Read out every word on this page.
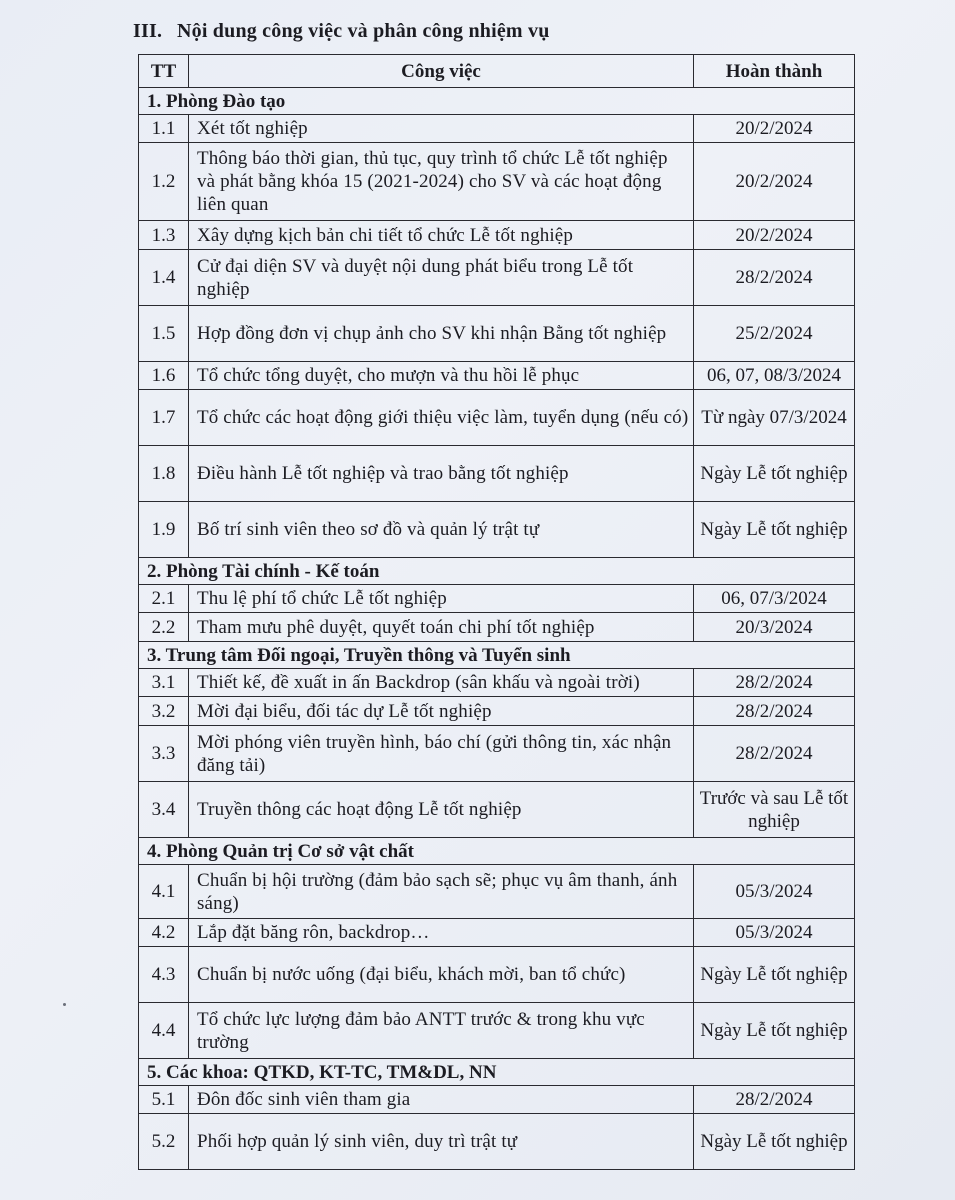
III. Nội dung công việc và phân công nhiệm vụ
TT	Công việc	Hoàn thành
1. Phòng Đào tạo		
1.1	Xét tốt nghiệp	20/2/2024
1.2	Thông báo thời gian, thủ tục, quy trình tổ chức Lễ tốt nghiệp và phát bằng khóa 15 (2021-2024) cho SV và các hoạt động liên quan	20/2/2024
1.3	Xây dựng kịch bản chi tiết tổ chức Lễ tốt nghiệp	20/2/2024
1.4	Cử đại diện SV và duyệt nội dung phát biểu trong Lễ tốt nghiệp	28/2/2024
1.5	Hợp đồng đơn vị chụp ảnh cho SV khi nhận Bằng tốt nghiệp	25/2/2024
1.6	Tổ chức tổng duyệt, cho mượn và thu hồi lễ phục	06, 07, 08/3/2024
1.7	Tổ chức các hoạt động giới thiệu việc làm, tuyển dụng (nếu có)	Từ ngày 07/3/2024
1.8	Điều hành Lễ tốt nghiệp và trao bằng tốt nghiệp	Ngày Lễ tốt nghiệp
1.9	Bố trí sinh viên theo sơ đồ và quản lý trật tự	Ngày Lễ tốt nghiệp
2. Phòng Tài chính - Kế toán		
2.1	Thu lệ phí tổ chức Lễ tốt nghiệp	06, 07/3/2024
2.2	Tham mưu phê duyệt, quyết toán chi phí tốt nghiệp	20/3/2024
3. Trung tâm Đối ngoại, Truyền thông và Tuyển sinh		
3.1	Thiết kế, đề xuất in ấn Backdrop (sân khấu và ngoài trời)	28/2/2024
3.2	Mời đại biểu, đối tác dự Lễ tốt nghiệp	28/2/2024
3.3	Mời phóng viên truyền hình, báo chí (gửi thông tin, xác nhận đăng tải)	28/2/2024
3.4	Truyền thông các hoạt động Lễ tốt nghiệp	Trước và sau Lễ tốt nghiệp
4. Phòng Quản trị Cơ sở vật chất		
4.1	Chuẩn bị hội trường (đảm bảo sạch sẽ; phục vụ âm thanh, ánh sáng)	05/3/2024
4.2	Lắp đặt băng rôn, backdrop…	05/3/2024
4.3	Chuẩn bị nước uống (đại biểu, khách mời, ban tổ chức)	Ngày Lễ tốt nghiệp
4.4	Tổ chức lực lượng đảm bảo ANTT trước & trong khu vực trường	Ngày Lễ tốt nghiệp
5. Các khoa: QTKD, KT-TC, TM&DL, NN		
5.1	Đôn đốc sinh viên tham gia	28/2/2024
5.2	Phối hợp quản lý sinh viên, duy trì trật tự	Ngày Lễ tốt nghiệp
